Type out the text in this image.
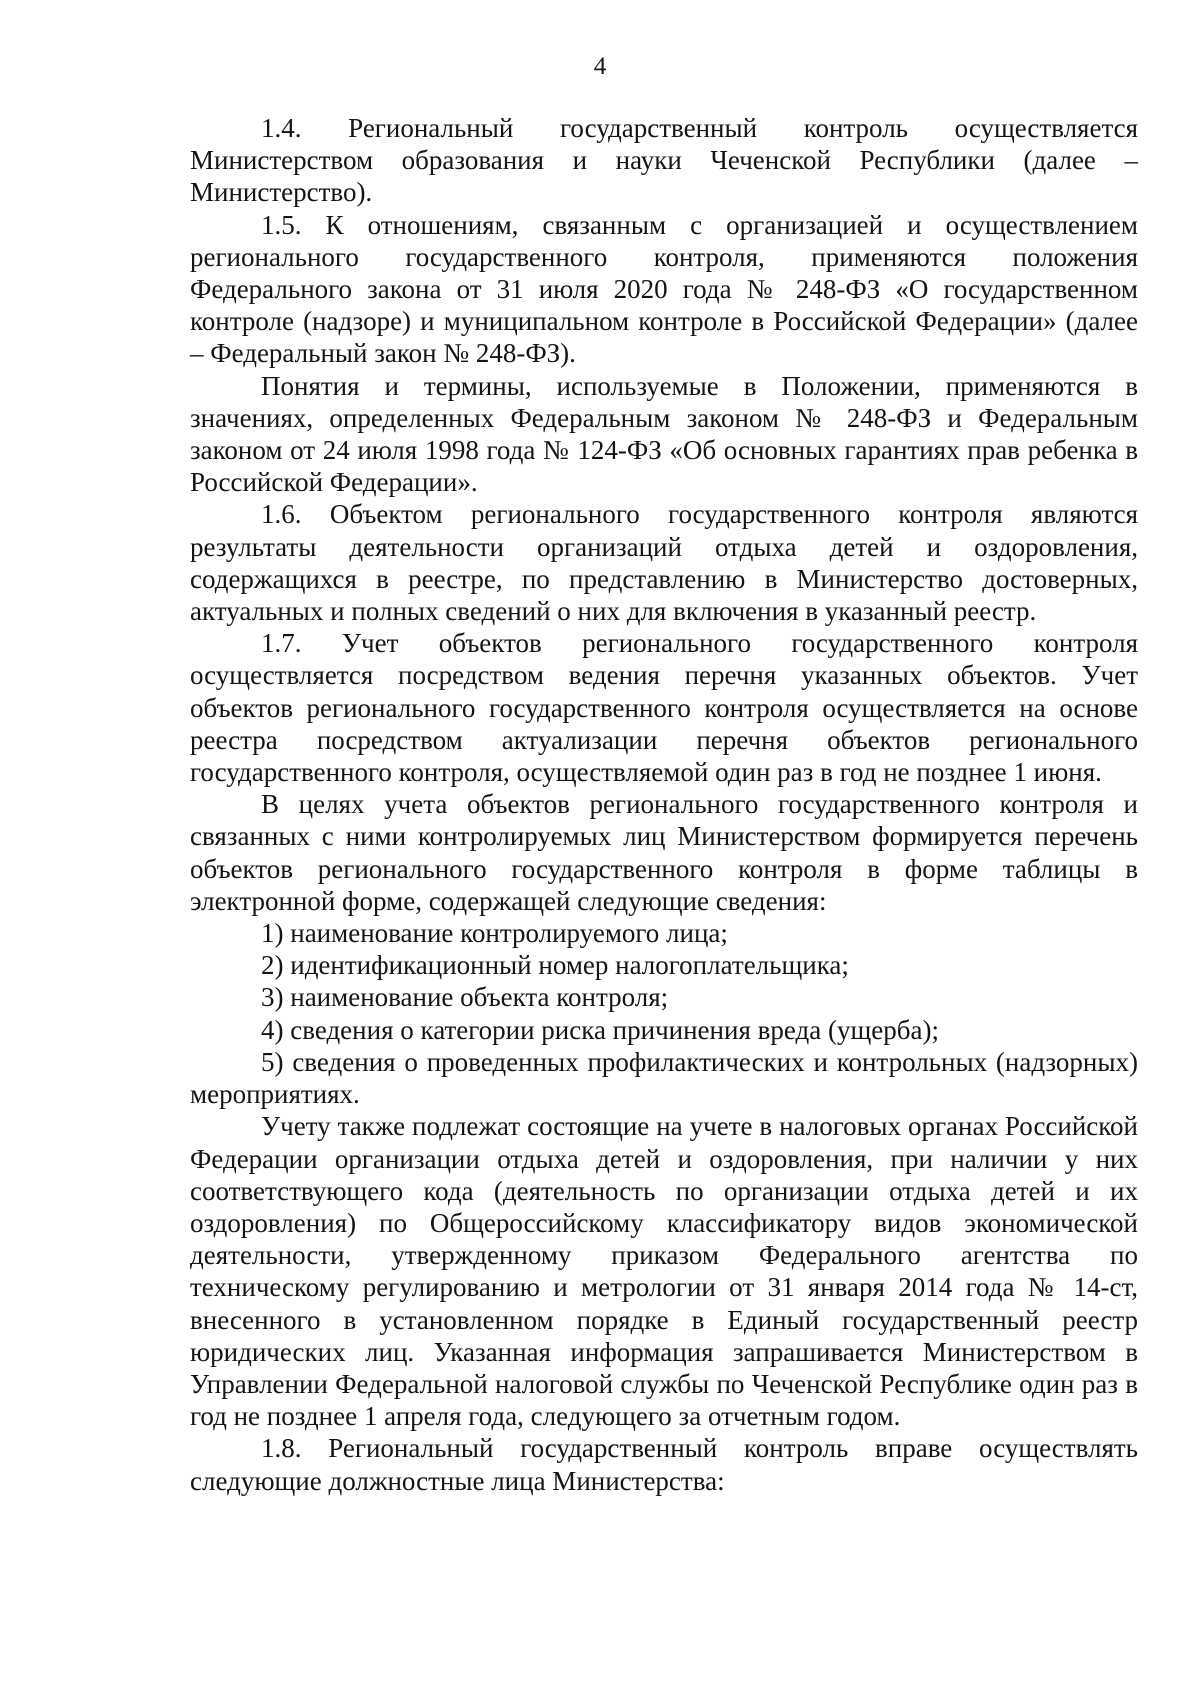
4

1.4. Региональный государственный контроль осуществляется Министерством образования и науки Чеченской Республики (далее – Министерство).

1.5. К отношениям, связанным с организацией и осуществлением регионального государственного контроля, применяются положения Федерального закона от 31 июля 2020 года № 248-ФЗ «О государственном контроле (надзоре) и муниципальном контроле в Российской Федерации» (далее – Федеральный закон № 248-ФЗ).

Понятия и термины, используемые в Положении, применяются в значениях, определенных Федеральным законом № 248-ФЗ и Федеральным законом от 24 июля 1998 года № 124-ФЗ «Об основных гарантиях прав ребенка в Российской Федерации».

1.6. Объектом регионального государственного контроля являются результаты деятельности организаций отдыха детей и оздоровления, содержащихся в реестре, по представлению в Министерство достоверных, актуальных и полных сведений о них для включения в указанный реестр.

1.7. Учет объектов регионального государственного контроля осуществляется посредством ведения перечня указанных объектов. Учет объектов регионального государственного контроля осуществляется на основе реестра посредством актуализации перечня объектов регионального государственного контроля, осуществляемой один раз в год не позднее 1 июня.

В целях учета объектов регионального государственного контроля и связанных с ними контролируемых лиц Министерством формируется перечень объектов регионального государственного контроля в форме таблицы в электронной форме, содержащей следующие сведения:

1) наименование контролируемого лица;

2) идентификационный номер налогоплательщика;

3) наименование объекта контроля;

4) сведения о категории риска причинения вреда (ущерба);

5) сведения о проведенных профилактических и контрольных (надзорных) мероприятиях.

Учету также подлежат состоящие на учете в налоговых органах Российской Федерации организации отдыха детей и оздоровления, при наличии у них соответствующего кода (деятельность по организации отдыха детей и их оздоровления) по Общероссийскому классификатору видов экономической деятельности, утвержденному приказом Федерального агентства по техническому регулированию и метрологии от 31 января 2014 года № 14-ст, внесенного в установленном порядке в Единый государственный реестр юридических лиц. Указанная информация запрашивается Министерством в Управлении Федеральной налоговой службы по Чеченской Республике один раз в год не позднее 1 апреля года, следующего за отчетным годом.

1.8. Региональный государственный контроль вправе осуществлять следующие должностные лица Министерства:
